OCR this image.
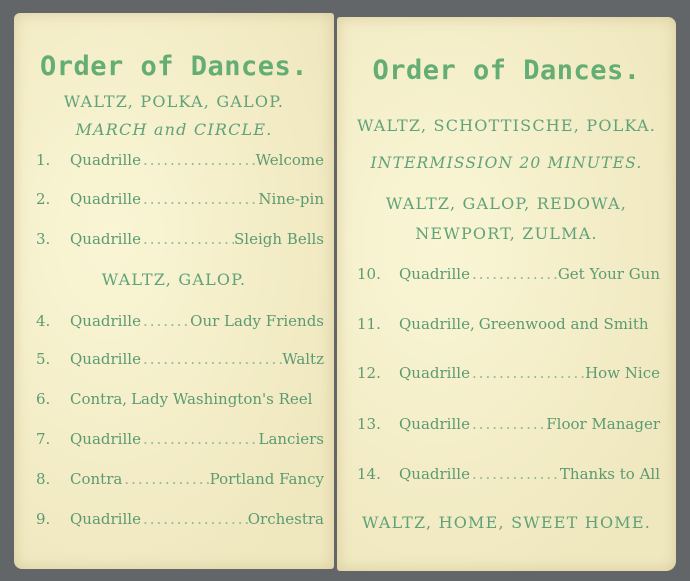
Order of Dances.
WALTZ, POLKA, GALOP.
MARCH and CIRCLE.
1.	Quadrille .....	Welcome
2.	Quadrille .....	Nine-pin
3.	Quadrille .....	Sleigh Bells
WALTZ, GALOP.
4.	Quadrille .....	Our Lady Friends
5.	Quadrille .....	Waltz
6.	Contra, Lady Washington's Reel
7.	Quadrille .....	Lanciers
8.	Contra .....	Portland Fancy
9.	Quadrille .....	Orchestra
Order of Dances.
WALTZ, SCHOTTISCHE, POLKA.
INTERMISSION 20 MINUTES.
WALTZ, GALOP, REDOWA,
NEWPORT, ZULMA.
10.	Quadrille .....	Get Your Gun
11.	Quadrille, Greenwood and Smith
12.	Quadrille .....	How Nice
13.	Quadrille .....	Floor Manager
14.	Quadrille .....	Thanks to All
WALTZ, HOME, SWEET HOME.
